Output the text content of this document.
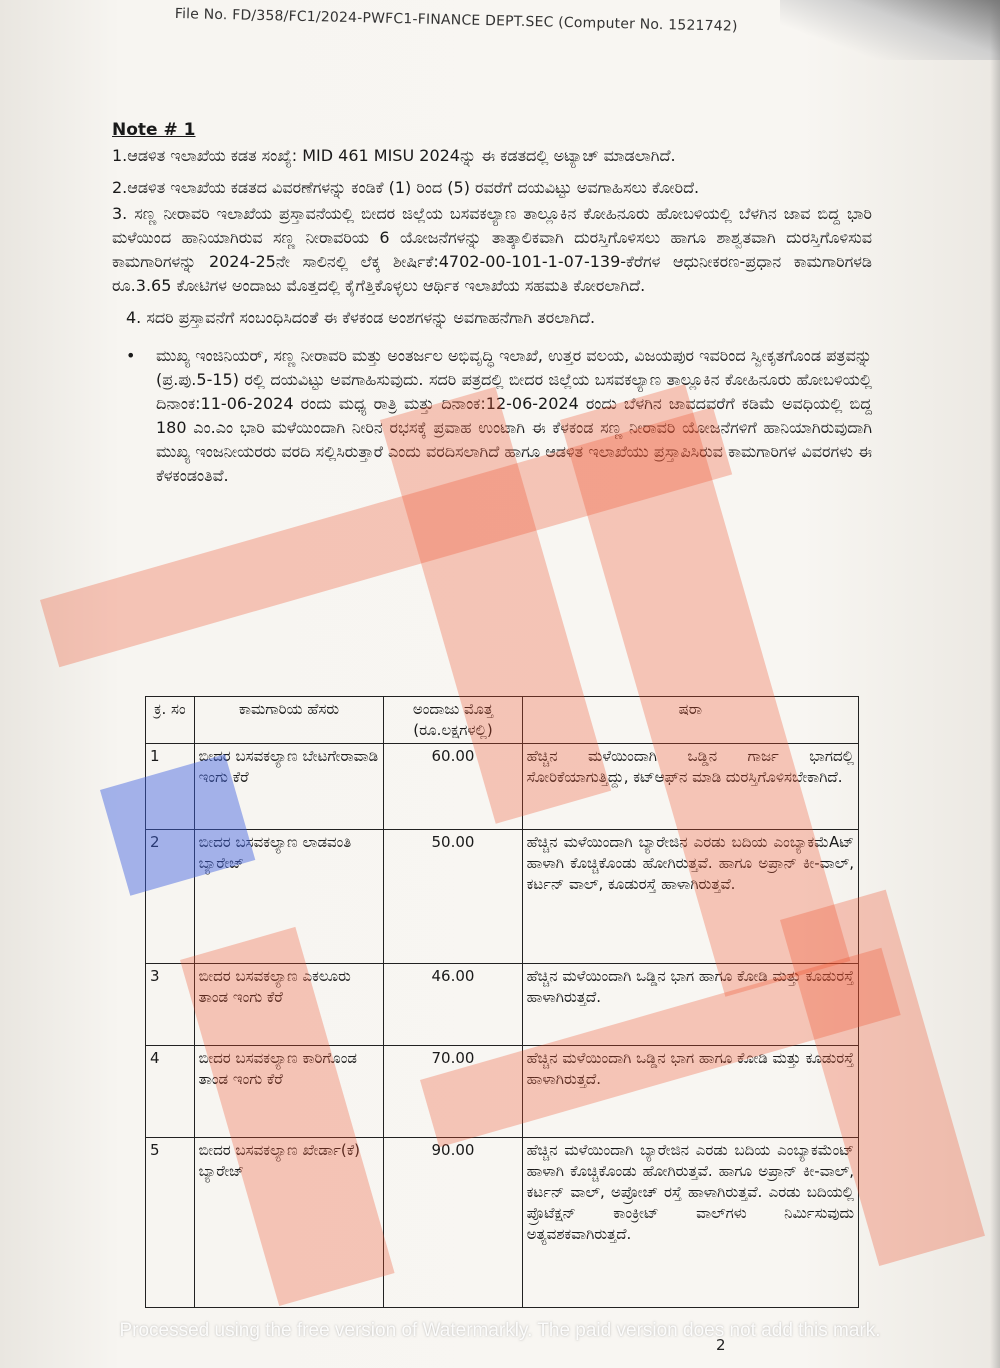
File No. FD/358/FC1/2024-PWFC1-FINANCE DEPT.SEC (Computer No. 1521742)
Note # 1

1.ಆಡಳಿತ ಇಲಾಖೆಯ ಕಡತ ಸಂಖ್ಯೆ: MID 461 MISU 2024ನ್ನು ಈ ಕಡತದಲ್ಲಿ ಅಟ್ಯಾಚ್ ಮಾಡಲಾಗಿದೆ.

2.ಆಡಳಿತ ಇಲಾಖೆಯ ಕಡತದ ವಿವರಣೆಗಳನ್ನು ಕಂಡಿಕೆ (1) ರಿಂದ (5) ರವರೆಗೆ ದಯವಿಟ್ಟು ಅವಗಾಹಿಸಲು ಕೋರಿದೆ.

3. ಸಣ್ಣ ನೀರಾವರಿ ಇಲಾಖೆಯ ಪ್ರಸ್ತಾವನೆಯಲ್ಲಿ ಬೀದರ ಜಿಲ್ಲೆಯ ಬಸವಕಲ್ಯಾಣ ತಾಲ್ಲೂಕಿನ ಕೋಹಿನೂರು ಹೋಬಳಿಯಲ್ಲಿ ಬೆಳಗಿನ ಜಾವ ಬಿದ್ದ ಭಾರಿ ಮಳೆಯಿಂದ ಹಾನಿಯಾಗಿರುವ ಸಣ್ಣ ನೀರಾವರಿಯ 6 ಯೋಜನೆಗಳನ್ನು ತಾತ್ಕಾಲಿಕವಾಗಿ ದುರಸ್ತಿಗೊಳಿಸಲು ಹಾಗೂ ಶಾಶ್ವತವಾಗಿ ದುರಸ್ತಿಗೊಳಿಸುವ ಕಾಮಗಾರಿಗಳನ್ನು 2024-25ನೇ ಸಾಲಿನಲ್ಲಿ ಲೆಕ್ಕ ಶೀರ್ಷಿಕೆ:4702-00-101-1-07-139-ಕೆರೆಗಳ ಆಧುನೀಕರಣ-ಪ್ರಧಾನ ಕಾಮಗಾರಿಗಳಡಿ ರೂ.3.65 ಕೋಟಿಗಳ ಅಂದಾಜು ಮೊತ್ತದಲ್ಲಿ ಕೈಗೆತ್ತಿಕೊಳ್ಳಲು ಆರ್ಥಿಕ ಇಲಾಖೆಯ ಸಹಮತಿ ಕೋರಲಾಗಿದೆ.

4. ಸದರಿ ಪ್ರಸ್ತಾವನೆಗೆ ಸಂಬಂಧಿಸಿದಂತೆ ಈ ಕೆಳಕಂಡ ಅಂಶಗಳನ್ನು ಅವಗಾಹನೆಗಾಗಿ ತರಲಾಗಿದೆ.

•	ಮುಖ್ಯ ಇಂಜಿನಿಯರ್, ಸಣ್ಣ ನೀರಾವರಿ ಮತ್ತು ಅಂತರ್ಜಲ ಅಭಿವೃದ್ಧಿ ಇಲಾಖೆ, ಉತ್ತರ ವಲಯ, ವಿಜಯಪುರ ಇವರಿಂದ ಸ್ವೀಕೃತಗೊಂಡ ಪತ್ರವನ್ನು (ಪ್ರ.ಪು.5-15) ರಲ್ಲಿ ದಯವಿಟ್ಟು ಅವಗಾಹಿಸುವುದು. ಸದರಿ ಪತ್ರದಲ್ಲಿ ಬೀದರ ಜಿಲ್ಲೆಯ ಬಸವಕಲ್ಯಾಣ ತಾಲ್ಲೂಕಿನ ಕೋಹಿನೂರು ಹೋಬಳಿಯಲ್ಲಿ ದಿನಾಂಕ:11-06-2024 ರಂದು ಮಧ್ಯ ರಾತ್ರಿ ಮತ್ತು ದಿನಾಂಕ:12-06-2024 ರಂದು ಬೆಳಗಿನ ಜಾವದವರೆಗೆ ಕಡಿಮೆ ಅವಧಿಯಲ್ಲಿ ಬಿದ್ದ 180 ಎಂ.ಎಂ ಭಾರಿ ಮಳೆಯಿಂದಾಗಿ ನೀರಿನ ರಭಸಕ್ಕೆ ಪ್ರವಾಹ ಉಂಟಾಗಿ ಈ ಕೆಳಕಂಡ ಸಣ್ಣ ನೀರಾವರಿ ಯೋಜನೆಗಳಿಗೆ ಹಾನಿಯಾಗಿರುವುದಾಗಿ ಮುಖ್ಯ ಇಂಜನೀಯರರು ವರದಿ ಸಲ್ಲಿಸಿರುತ್ತಾರೆ ಎಂದು ವರದಿಸಲಾಗಿದೆ ಹಾಗೂ ಆಡಳಿತ ಇಲಾಖೆಯು ಪ್ರಸ್ತಾಪಿಸಿರುವ ಕಾಮಗಾರಿಗಳ ವಿವರಗಳು ಈ ಕೆಳಕಂಡಂತಿವೆ.
ಕ್ರ. ಸಂ	ಕಾಮಗಾರಿಯ ಹೆಸರು	ಅಂದಾಜು ಮೊತ್ತ (ರೂ.ಲಕ್ಷಗಳಲ್ಲಿ)	ಷರಾ
1	ಬೀದರ ಬಸವಕಲ್ಯಾಣ ಬೇಟಗೇರಾವಾಡಿ ಇಂಗು ಕೆರೆ	60.00	ಹೆಚ್ಚಿನ ಮಳೆಯಿಂದಾಗಿ ಒಡ್ಡಿನ ಗಾರ್ಜ ಭಾಗದಲ್ಲಿ ಸೋರಿಕೆಯಾಗುತ್ತಿದ್ದು, ಕಟ್‌ಆಫ್‌ನ ಮಾಡಿ ದುರಸ್ತಿಗೊಳಿಸಬೇಕಾಗಿದೆ.
2	ಬೀದರ ಬಸವಕಲ್ಯಾಣ ಲಾಡವಂತಿ ಬ್ಯಾರೇಜ್	50.00	ಹೆಚ್ಚಿನ ಮಳೆಯಿಂದಾಗಿ ಬ್ಯಾರೇಜಿನ ಎರಡು ಬದಿಯ ಎಂಬ್ಯಾಕಮೆAಟ್ ಹಾಳಾಗಿ ಕೊಚ್ಚಿಕೊಂಡು ಹೋಗಿರುತ್ತವೆ. ಹಾಗೂ ಅಪ್ರಾನ್ ಕೀ-ವಾಲ್, ಕರ್ಟನ್ ವಾಲ್, ಕೂಡುರಸ್ತೆ ಹಾಳಾಗಿರುತ್ತವೆ.
3	ಬೀದರ ಬಸವಕಲ್ಯಾಣ ಎಕಲೂರು ತಾಂಡ ಇಂಗು ಕೆರೆ	46.00	ಹೆಚ್ಚಿನ ಮಳೆಯಿಂದಾಗಿ ಒಡ್ಡಿನ ಭಾಗ ಹಾಗೂ ಕೋಡಿ ಮತ್ತು ಕೂಡುರಸ್ತೆ ಹಾಳಾಗಿರುತ್ತದೆ.
4	ಬೀದರ ಬಸವಕಲ್ಯಾಣ ಕಾರಿಗೊಂಡ ತಾಂಡ ಇಂಗು ಕೆರೆ	70.00	ಹೆಚ್ಚಿನ ಮಳೆಯಿಂದಾಗಿ ಒಡ್ಡಿನ ಭಾಗ ಹಾಗೂ ಕೋಡಿ ಮತ್ತು ಕೂಡುರಸ್ತೆ ಹಾಳಾಗಿರುತ್ತದೆ.
5	ಬೀದರ ಬಸವಕಲ್ಯಾಣ ಖೇರ್ಡಾ(ಕೆ) ಬ್ಯಾರೇಜ್	90.00	ಹೆಚ್ಚಿನ ಮಳೆಯಿಂದಾಗಿ ಬ್ಯಾರೇಜಿನ ಎರಡು ಬದಿಯ ಎಂಬ್ಯಾಕಮೆಂಟ್ ಹಾಳಾಗಿ ಕೊಚ್ಚಿಕೊಂಡು ಹೋಗಿರುತ್ತವೆ. ಹಾಗೂ ಅಪ್ರಾನ್ ಕೀ-ವಾಲ್, ಕರ್ಟನ್ ವಾಲ್, ಅಪ್ರೋಚ್ ರಸ್ತೆ ಹಾಳಾಗಿರುತ್ತವೆ. ಎರಡು ಬದಿಯಲ್ಲಿ ಪ್ರೊಟೆಕ್ಷನ್ ಕಾಂಕ್ರೀಟ್ ವಾಲ್‌ಗಳು ನಿರ್ಮಿಸುವುದು ಅತ್ಯವಶಕವಾಗಿರುತ್ತದೆ.
Processed using the free version of Watermarkly. The paid version does not add this mark.
2
